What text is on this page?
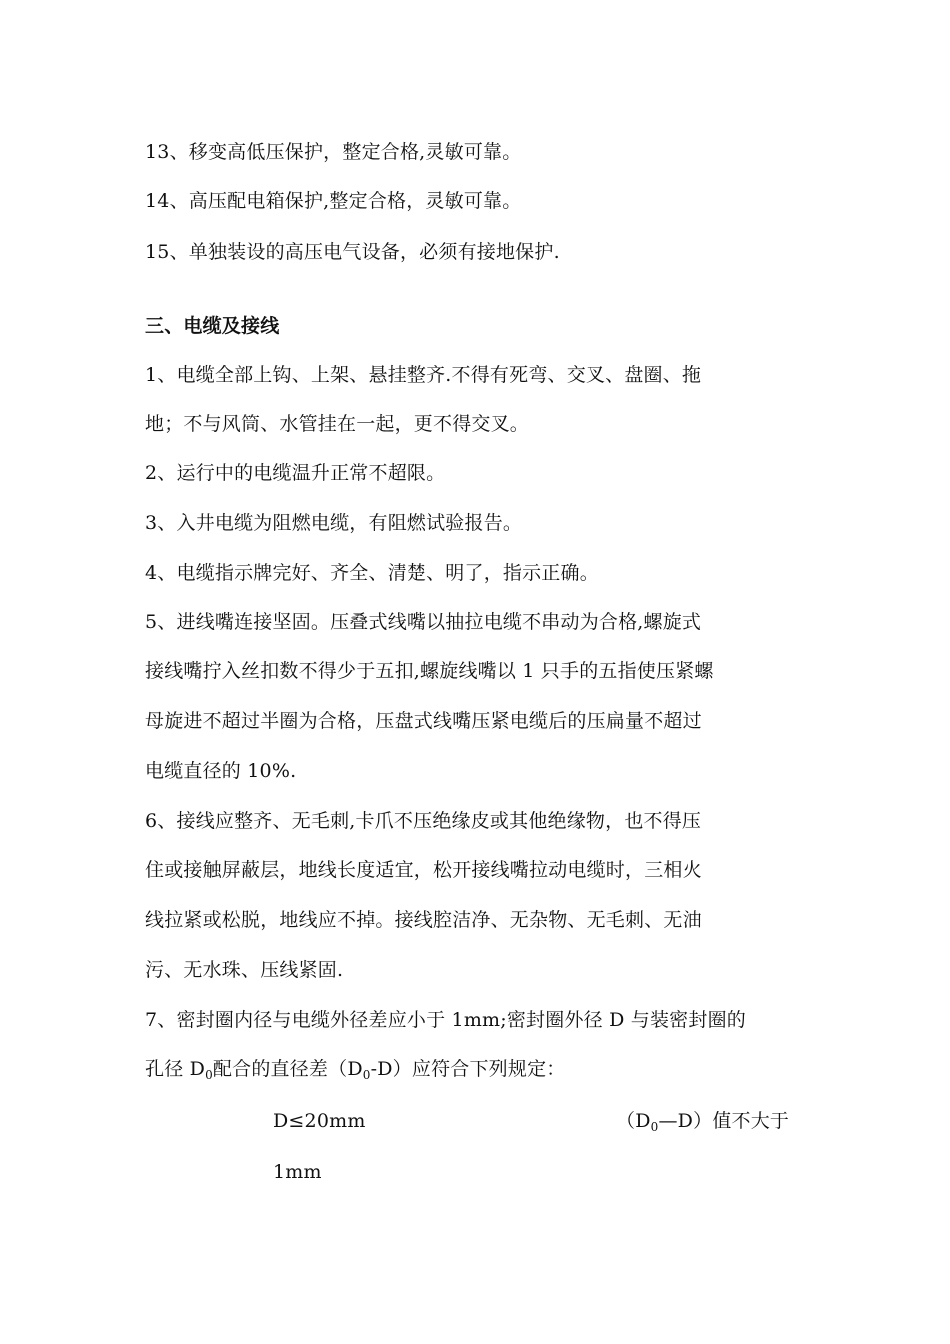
13、移变高低压保护，整定合格,灵敏可靠。
14、高压配电箱保护,整定合格，灵敏可靠。
15、单独装设的高压电气设备，必须有接地保护.
三、电缆及接线
1、电缆全部上钩、上架、悬挂整齐.不得有死弯、交叉、盘圈、拖
地；不与风筒、水管挂在一起，更不得交叉。
2、运行中的电缆温升正常不超限。
3、入井电缆为阻燃电缆，有阻燃试验报告。
4、电缆指示牌完好、齐全、清楚、明了，指示正确。
5、进线嘴连接坚固。压叠式线嘴以抽拉电缆不串动为合格,螺旋式
接线嘴拧入丝扣数不得少于五扣,螺旋线嘴以 1 只手的五指使压紧螺
母旋进不超过半圈为合格，压盘式线嘴压紧电缆后的压扁量不超过
电缆直径的 10%.
6、接线应整齐、无毛刺,卡爪不压绝缘皮或其他绝缘物，也不得压
住或接触屏蔽层，地线长度适宜，松开接线嘴拉动电缆时，三相火
线拉紧或松脱，地线应不掉。接线腔洁净、无杂物、无毛刺、无油
污、无水珠、压线紧固.
7、密封圈内径与电缆外径差应小于 1mm;密封圈外径 D 与装密封圈的
孔径 $D_0$配合的直径差$(D_0-D)$应符合下列规定：
D≤20mm	$(D_0—D)$值不大于
1mm
